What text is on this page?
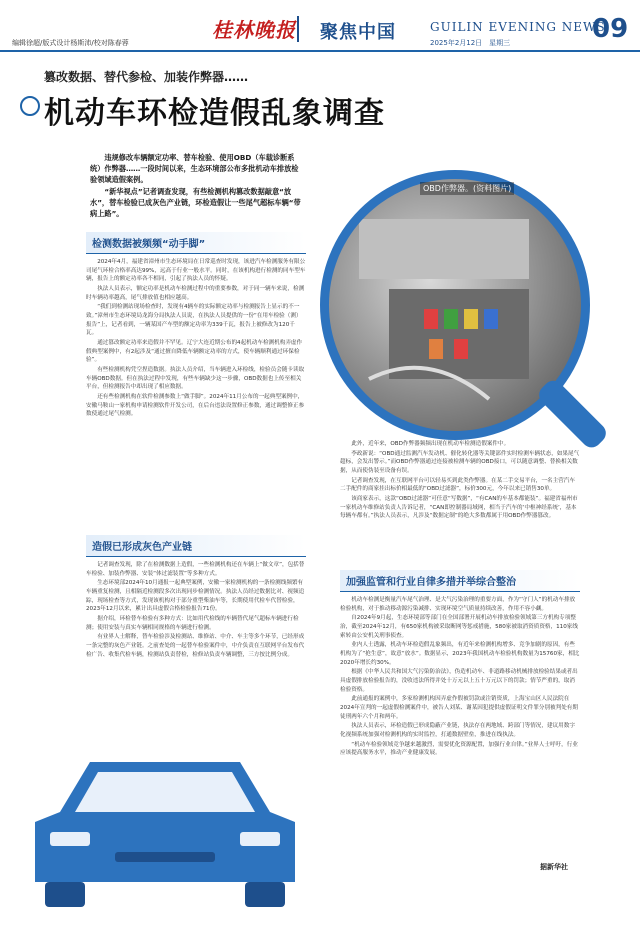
编辑徐超/版式设计杨斯沛/校对陈春蓉
桂林晚报 聚焦中国	GUILIN EVENING NEWS
2025年2月12日　星期三	09
篡改数据、替代参检、加装作弊器……
机动车环检造假乱象调查

违规修改车辆额定功率、替车检验、使用OBD（车载诊断系统）作弊器……一段时间以来，生态环境部公布多批机动车排放检验领域造假案例。

“新华视点”记者调查发现，有些检测机构篡改数据敲意“放水”，替车检验已成灰色产业链，环检造假让一些尾气超标车辆“带病上路”。

OBD作弊器。(资料图片)
检测数据被频频“动手脚”

2024年4月，福建省漳州市生态环境局在日常巡查时发现，该进汽车检测服务有限公司尾气环检合格率高达99%，远高于行业一般水平。同时，在该机构进行检测的同车型车辆，报告上的额定功率各不相同，引起了执法人员的怀疑。

执法人员表示，额定功率是机动车检测过程中的重要参数，对于同一辆车来说，检测时车辆功率越高，尾气排放值也相应越高。

“我们到检测站现场检查时，发现有4辆车的实际额定功率与检测报告上显示的不一致。”漳州市生态环境局龙海分局执法人员说，在执法人员提供的一份“在用车检验（测）报告”上，记者看到，一辆某国产车型的额定功率为339千瓦，报告上被修改为120千瓦。

通过篡改额定功率来造假并不罕见。辽宁大连近期公布的4起机动车检测机构弄虚作假典型案例中，有2起涉及“通过擅自降低车辆额定功率的方式，使车辆顺利通过环保检验”。

有些检测机构凭空捏造数据。执法人员介绍，当车辆进入环检线，检验员会随卡读取车辆OBD数据。但在执法过程中发现，有些车辆缺少这一步骤，OBD数据也上传至相关平台，但检测报告中却出现了相应数据。

还有些检测机构在软件检测参数上“做手脚”。2024年11月公布的一起典型案例中，安徽马鞍山一家机构申请检测软件开发公司，在后台违法设置修正参数，通过调整修正参数使通过尾气检测。

造假已形成灰色产业链

记者调查发现，除了在检测数据上造假，一些检测机构还在车辆上“做文章”，包括替车检验、加装作弊器、安装“体过滤装置”等多种方式。

生态环境部2024年10月通报一起典型案例，安徽一家检测机构的一条检测线频繁有车辆重复检测，且相隔近检测段多次出现同步检测情况。执法人员经过数据比对、视频追踪，现场检查等方式，发现该机构对于部分重型柴油车等，长期使用代检车代替检验，2023年12月以来，累计出具虚假合格检验报告71份。

据介绍，环检替车检验有多种方式：比如用代检线的车辆替代尾气超标车辆进行检测；使用安装与真实车辆相同规格的车辆进行检测。

有业界人士解释，替车检验涉及检测站、维修站、中介、车主等多个环节，已经形成一条完整的灰色产业链。之前查处的一起替车检验案件中，中介负责在互联网平台发布代检广告、收集代检车辆，检测站负责替检，检修站负责车辆调整，三方按比例分成。

此外，近年来，OBD作弊器频频出现在机动车检测造假案件中。

李政新说：“OBD通过监测汽车发动机、催化转化器等关键部件实时检测车辆状态，如果尾气超标，会发出警示。”而OBD作弊器通过连接被检测车辆的OBD接口，可以随意调整、替换相关数据，从而使伪装至设备有误。

记者调查发现，在互联网平台可以轻易买到此类作弊器。在某二手交易平台，一名主营汽车二手配件的商家挂出标价相最低的“OBD过滤器”，标价300元，今年以来已销售30单。

该商家表示，这款“OBD过滤器”可任意“写数据”，“有CAN的车基本都能装”。福建省福州市一家机动车维修站负责人告诉记者，“CAN即控制器局域网，相当于汽车的‘中枢神经系统’，基本每辆车都有。”执法人员表示，凡涉及“数据定制”的绝大多数都属于用OBD作弊器篡改。

加强监管和行业自律多措并举综合整治

机动车检测是衡量汽车尾气治理、是大气污染治理的重要方面，作为“守门人”的机动车排放检验机构，对于推动移动源污染减排、实现环境空气质量持续改善，作用不容小觑。

自2024年9月起，生态环境部等部门在全国部署开展机动车排放检验领域第三方机构专项整治，截至2024年12月，有650家机构被采取断网等惩戒措施，580家被取消资质资格，110家线索转由公安机关刑事侦查。

业内人士透露，机动车环检造假乱象频出，有近年来检测机构增多、竞争加剧的原因，有些机构为了“抢生意”，故意“放水”。数据显示，2023年我国机动车检验机构数量为15760家，相比2020年增长约30%。

根据《中华人民共和国大气污染防治法》，伪造机动车、非道路移动机械排放检验结果或者出具虚假排放检验报告的，没收违法所得并处十万元以上五十万元以下的罚款；情节严重的，取消检验资格。

此前通报的案例中，多家检测机构因弄虚作假被罚款或注销资质，上海宝山区人民法院在2024年宣判的一起虚假检测案件中，被告人刘某、谢某因犯提供虚假证明文件罪分别被判处有期徒刑两年六个月和两年。

执法人员表示，环检造假已形成隐蔽产业链，执法存在两地域、跨部门等情况，建议用数字化视频系统加强对检测机构的实时监控，打通数据壁垒，推进在线执法。

“机动车检验领域竞争越来越激烈，需要优化资源配置，加强行业自律。”业界人士呼吁，行业应该提高服务水平，推动产业健康发展。

据新华社
